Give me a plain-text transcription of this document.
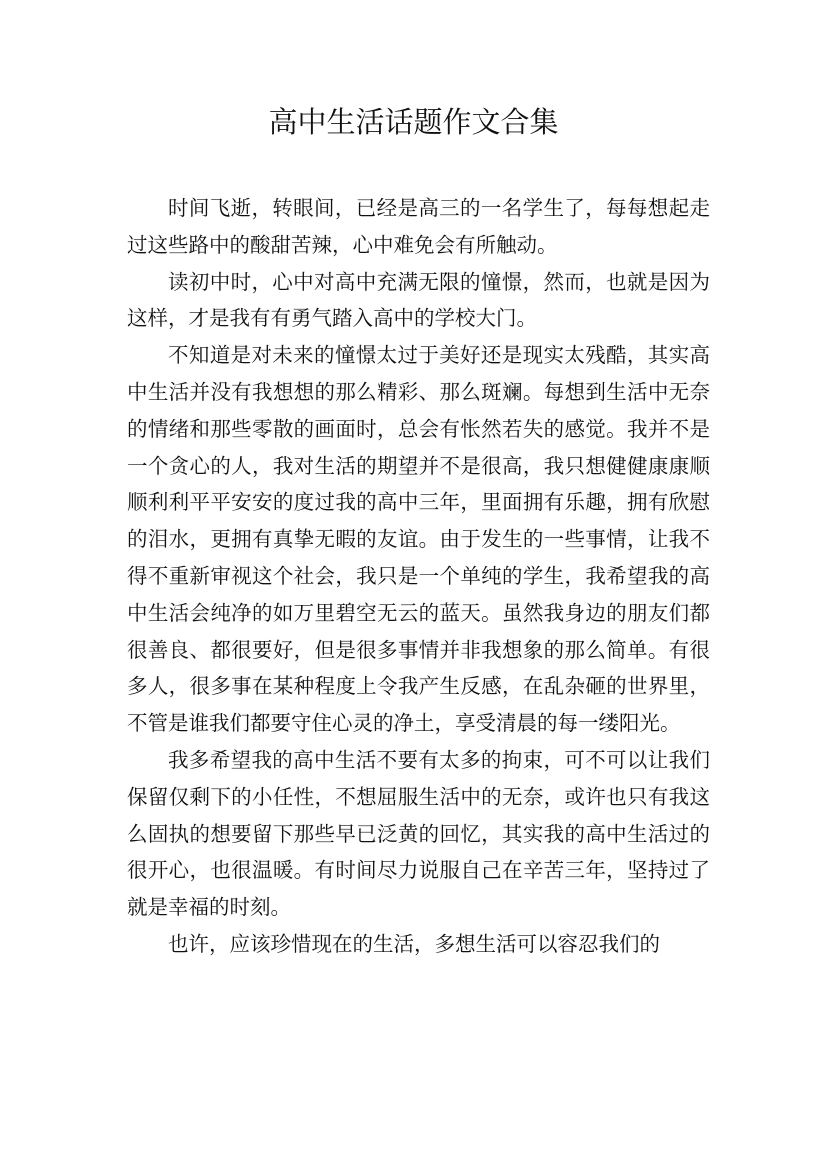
高中生活话题作文合集

时间飞逝，转眼间，已经是高三的一名学生了，每每想起走过这些路中的酸甜苦辣，心中难免会有所触动。

读初中时，心中对高中充满无限的憧憬，然而，也就是因为这样，才是我有有勇气踏入高中的学校大门。

不知道是对未来的憧憬太过于美好还是现实太残酷，其实高中生活并没有我想想的那么精彩、那么斑斓。每想到生活中无奈的情绪和那些零散的画面时，总会有怅然若失的感觉。我并不是一个贪心的人，我对生活的期望并不是很高，我只想健健康康顺顺利利平平安安的度过我的高中三年，里面拥有乐趣，拥有欣慰的泪水，更拥有真挚无暇的友谊。由于发生的一些事情，让我不得不重新审视这个社会，我只是一个单纯的学生，我希望我的高中生活会纯净的如万里碧空无云的蓝天。虽然我身边的朋友们都很善良、都很要好，但是很多事情并非我想象的那么简单。有很多人，很多事在某种程度上令我产生反感，在乱杂砸的世界里，不管是谁我们都要守住心灵的净土，享受清晨的每一缕阳光。

我多希望我的高中生活不要有太多的拘束，可不可以让我们保留仅剩下的小任性，不想屈服生活中的无奈，或许也只有我这么固执的想要留下那些早已泛黄的回忆，其实我的高中生活过的很开心，也很温暖。有时间尽力说服自己在辛苦三年，坚持过了就是幸福的时刻。

也许，应该珍惜现在的生活，多想生活可以容忍我们的
